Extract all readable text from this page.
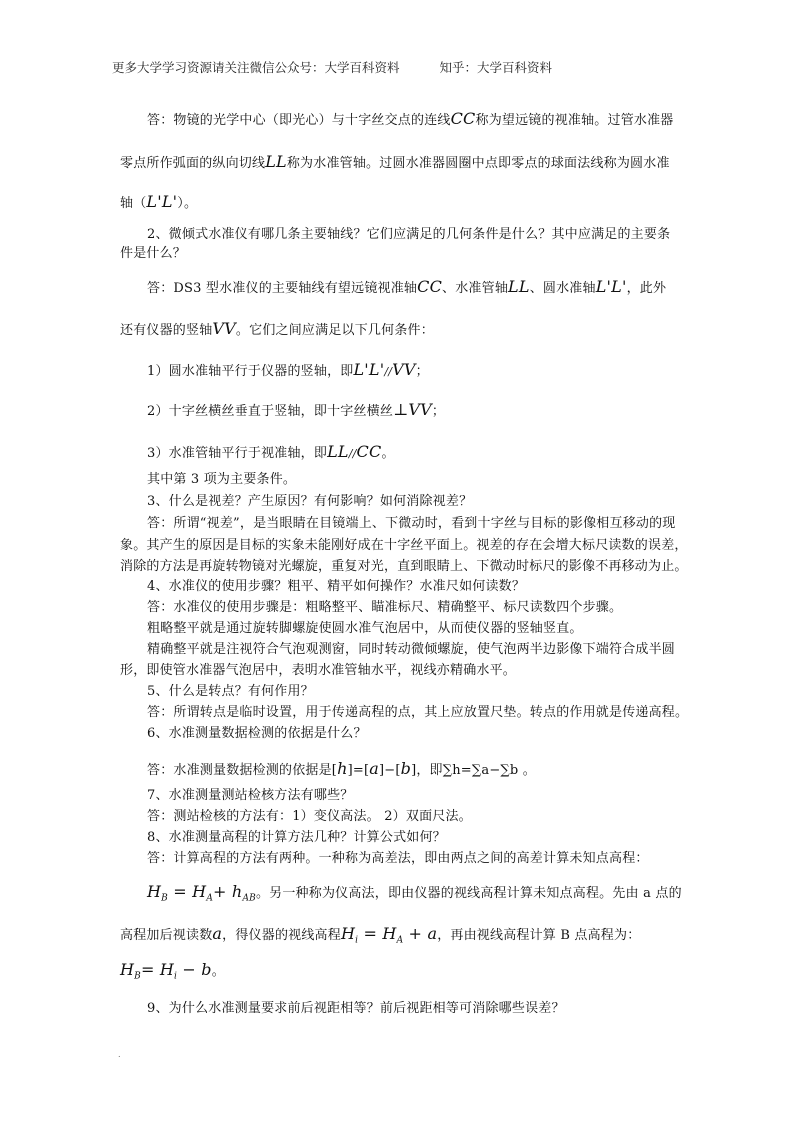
更多大学学习资源请关注微信公众号：大学百科资料	知乎：大学百科资料
答：物镜的光学中心（即光心）与十字丝交点的连线CC称为望远镜的视准轴。过管水准器
零点所作弧面的纵向切线LL称为水准管轴。过圆水准器圆圈中点即零点的球面法线称为圆水准
轴（L'L'）。
2、微倾式水准仪有哪几条主要轴线？它们应满足的几何条件是什么？其中应满足的主要条
件是什么？
答：DS3 型水准仪的主要轴线有望远镜视准轴CC、水准管轴LL、圆水准轴L'L'，此外
还有仪器的竖轴VV。它们之间应满足以下几何条件：
1）圆水准轴平行于仪器的竖轴，即L'L'//VV；
2）十字丝横丝垂直于竖轴，即十字丝横丝⊥VV；
3）水准管轴平行于视准轴，即LL//CC。
其中第 3 项为主要条件。
3、什么是视差？产生原因？有何影响？如何消除视差？
答：所谓“视差”，是当眼睛在目镜端上、下微动时，看到十字丝与目标的影像相互移动的现
象。其产生的原因是目标的实象未能刚好成在十字丝平面上。视差的存在会增大标尺读数的误差，
消除的方法是再旋转物镜对光螺旋，重复对光，直到眼睛上、下微动时标尺的影像不再移动为止。
4、水准仪的使用步骤？粗平、精平如何操作？水准尺如何读数？
答：水准仪的使用步骤是：粗略整平、瞄准标尺、精确整平、标尺读数四个步骤。
粗略整平就是通过旋转脚螺旋使圆水准气泡居中，从而使仪器的竖轴竖直。
精确整平就是注视符合气泡观测窗，同时转动微倾螺旋，使气泡两半边影像下端符合成半圆
形，即使管水准器气泡居中，表明水准管轴水平，视线亦精确水平。
5、什么是转点？有何作用？
答：所谓转点是临时设置，用于传递高程的点，其上应放置尺垫。转点的作用就是传递高程。
6、水准测量数据检测的依据是什么？
答：水准测量数据检测的依据是[h]=[a]−[b]，即∑h=∑a−∑b 。
7、水准测量测站检核方法有哪些？
答：测站检核的方法有：1）变仪高法。 2）双面尺法。
8、水准测量高程的计算方法几种？计算公式如何？
答：计算高程的方法有两种。一种称为高差法，即由两点之间的高差计算未知点高程：
$H_B = H_A+ h_{AB}$。另一种称为仪高法，即由仪器的视线高程计算未知点高程。先由 a 点的
高程加后视读数a，得仪器的视线高程$H_i = H_A + a$，再由视线高程计算 B 点高程为：
$H_B= H_i - b$。
9、为什么水准测量要求前后视距相等？前后视距相等可消除哪些误差？
.
